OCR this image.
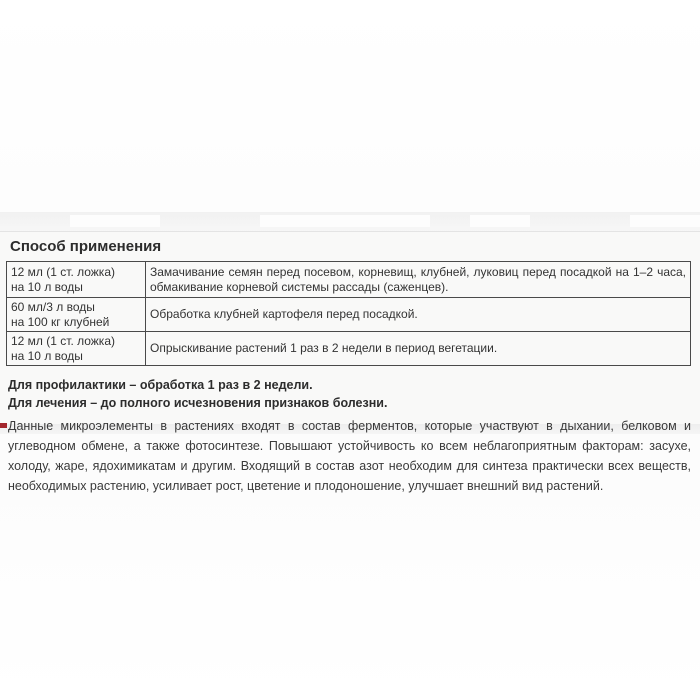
Способ применения
12 мл (1 ст. ложка)
на 10 л воды	Замачивание семян перед посевом, корневищ, клубней, луковиц перед посадкой на 1–2 часа, обмакивание корневой системы рассады (саженцев).

60 мл/3 л воды
на 100 кг клубней	Обработка клубней картофеля перед посадкой.

12 мл (1 ст. ложка)
на 10 л воды	Опрыскивание растений 1 раз в 2 недели в период вегетации.
Для профилактики – обработка 1 раз в 2 недели.
Для лечения – до полного исчезновения признаков болезни.
Данные микроэлементы в растениях входят в состав ферментов, которые участвуют в дыхании, белковом и углеводном обмене, а также фотосинтезе. Повышают устойчивость ко всем неблагоприятным факторам: засухе, холоду, жаре, ядохимикатам и другим. Входящий в состав азот необходим для синтеза практически всех веществ, необходимых растению, усиливает рост, цветение и плодоношение, улучшает внешний вид растений.
